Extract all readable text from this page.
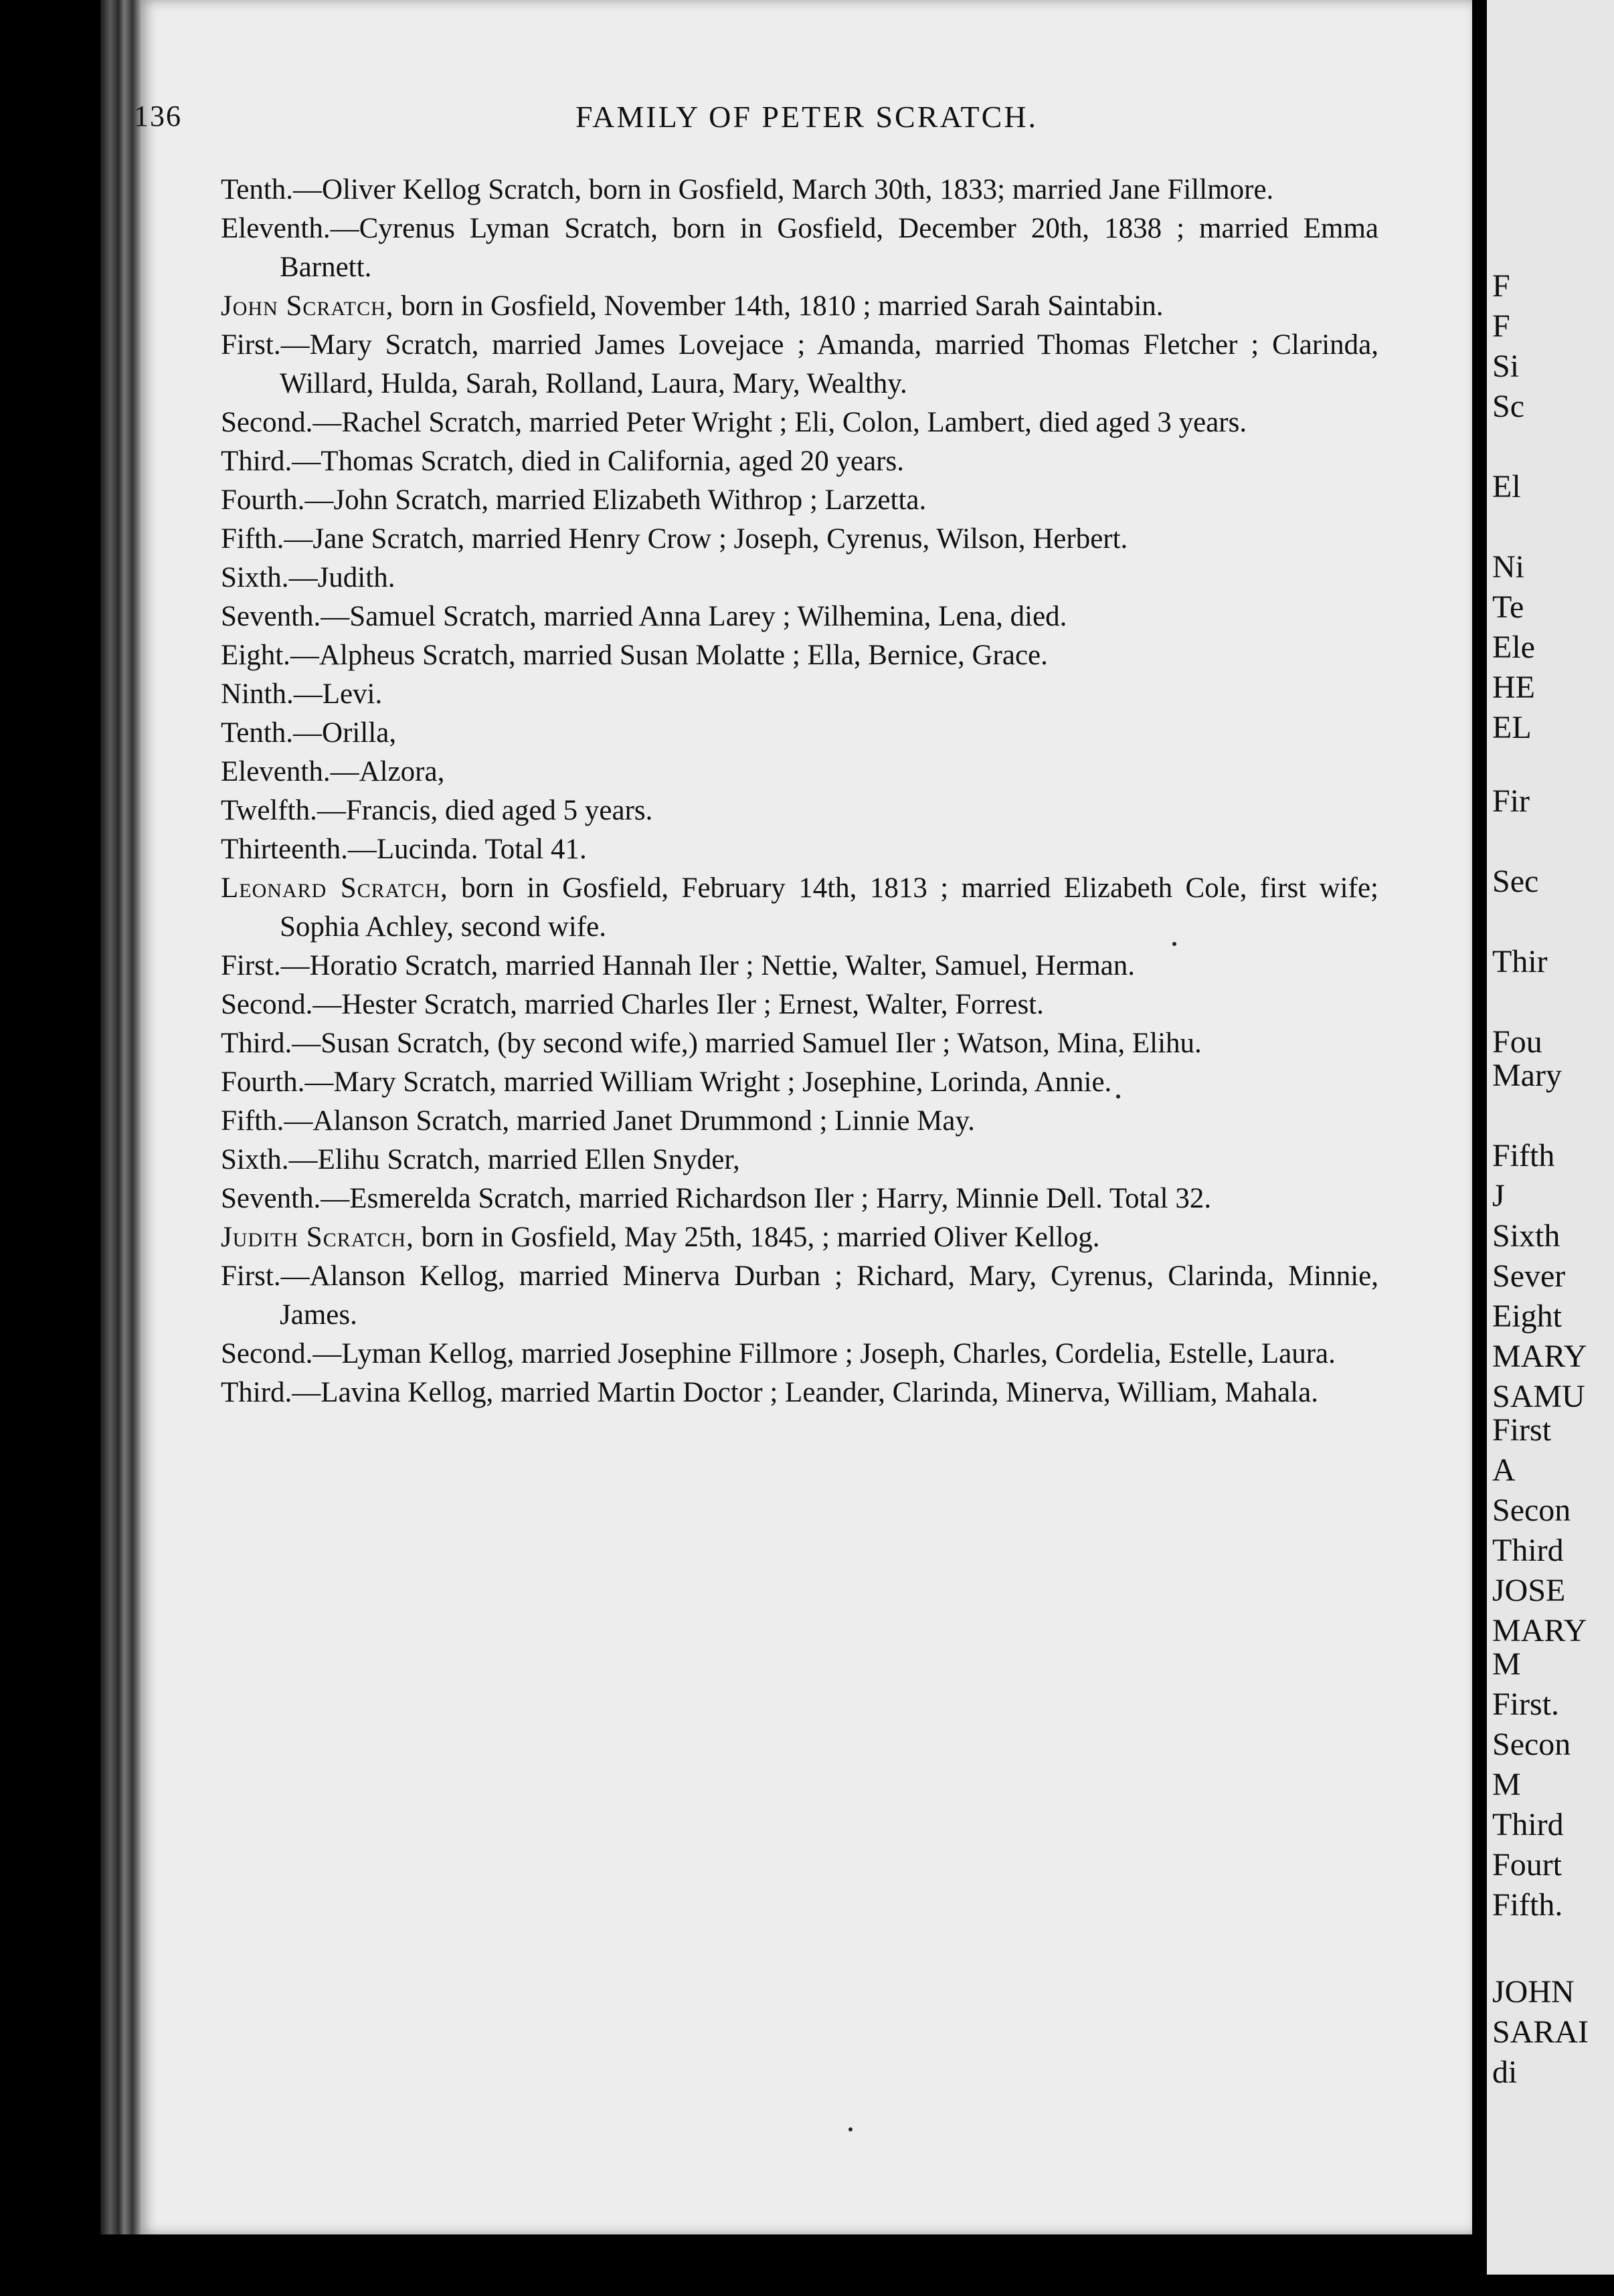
F
F
Si
Sc
El
Ni
Te
Ele
HE
EL
Fir
Sec
Thir
Fou
Mary
Fifth
J
Sixth
Sever
Eight
MARY
SAMU
First
A
Secon
Third
JOSE
MARY
M
First.
Secon
M
Third
Fourt
Fifth.
JOHN
SARAI
di
136	FAMILY OF PETER SCRATCH.

Tenth.—Oliver Kellog Scratch, born in Gosfield, March 30th, 1833; married Jane Fillmore.

Eleventh.—Cyrenus Lyman Scratch, born in Gosfield, December 20th, 1838 ; married Emma Barnett.

John Scratch, born in Gosfield, November 14th, 1810 ; married Sarah Saintabin.

First.—Mary Scratch, married James Lovejace ; Amanda, married Thomas Fletcher ; Clarinda, Willard, Hulda, Sarah, Rolland, Laura, Mary, Wealthy.

Second.—Rachel Scratch, married Peter Wright ; Eli, Colon, Lambert, died aged 3 years.

Third.—Thomas Scratch, died in California, aged 20 years.

Fourth.—John Scratch, married Elizabeth Withrop ; Larzetta.

Fifth.—Jane Scratch, married Henry Crow ; Joseph, Cyrenus, Wilson, Herbert.

Sixth.—Judith.

Seventh.—Samuel Scratch, married Anna Larey ; Wilhemina, Lena, died.

Eight.—Alpheus Scratch, married Susan Molatte ; Ella, Bernice, Grace.

Ninth.—Levi.

Tenth.—Orilla,

Eleventh.—Alzora,

Twelfth.—Francis, died aged 5 years.

Thirteenth.—Lucinda. Total 41.

Leonard Scratch, born in Gosfield, February 14th, 1813 ; married Elizabeth Cole, first wife; Sophia Achley, second wife.

First.—Horatio Scratch, married Hannah Iler ; Nettie, Walter, Samuel, Herman.

Second.—Hester Scratch, married Charles Iler ; Ernest, Walter, Forrest.

Third.—Susan Scratch, (by second wife,) married Samuel Iler ; Watson, Mina, Elihu.

Fourth.—Mary Scratch, married William Wright ; Josephine, Lorinda, Annie.

Fifth.—Alanson Scratch, married Janet Drummond ; Linnie May.

Sixth.—Elihu Scratch, married Ellen Snyder,

Seventh.—Esmerelda Scratch, married Richardson Iler ; Harry, Minnie Dell. Total 32.

Judith Scratch, born in Gosfield, May 25th, 1845, ; married Oliver Kellog.

First.—Alanson Kellog, married Minerva Durban ; Richard, Mary, Cyrenus, Clarinda, Minnie, James.

Second.—Lyman Kellog, married Josephine Fillmore ; Joseph, Charles, Cordelia, Estelle, Laura.

Third.—Lavina Kellog, married Martin Doctor ; Leander, Clarinda, Minerva, William, Mahala.
